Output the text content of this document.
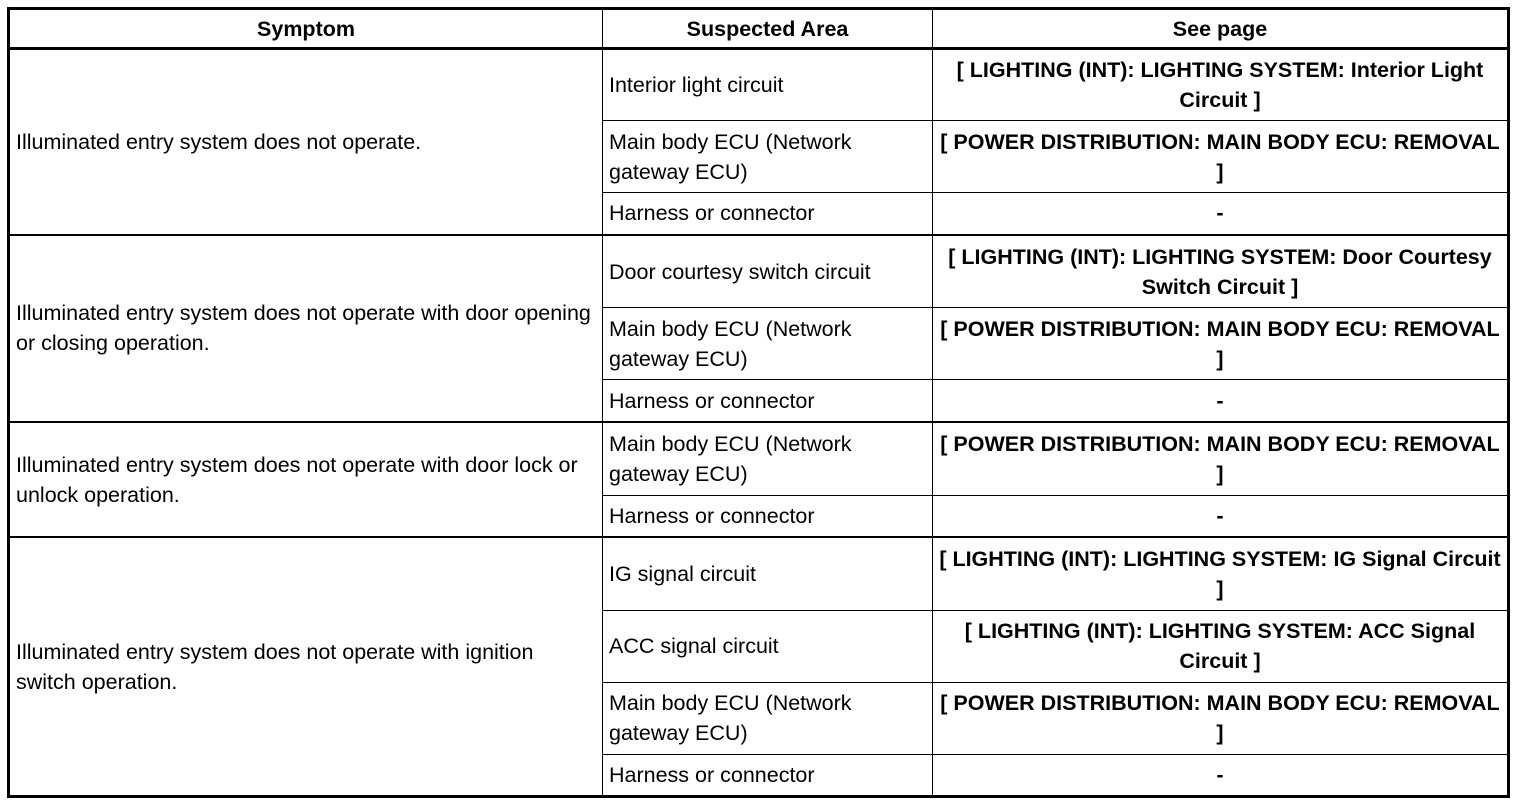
Symptom	Suspected Area	See page
Illuminated entry system does not operate.	Interior light circuit	[ LIGHTING (INT): LIGHTING SYSTEM: Interior Light Circuit ]
	Main body ECU (Network gateway ECU)	[ POWER DISTRIBUTION: MAIN BODY ECU: REMOVAL ]
	Harness or connector	-
Illuminated entry system does not operate with door opening or closing operation.	Door courtesy switch circuit	[ LIGHTING (INT): LIGHTING SYSTEM: Door Courtesy Switch Circuit ]
	Main body ECU (Network gateway ECU)	[ POWER DISTRIBUTION: MAIN BODY ECU: REMOVAL ]
	Harness or connector	-
Illuminated entry system does not operate with door lock or unlock operation.	Main body ECU (Network gateway ECU)	[ POWER DISTRIBUTION: MAIN BODY ECU: REMOVAL ]
	Harness or connector	-
Illuminated entry system does not operate with ignition switch operation.	IG signal circuit	[ LIGHTING (INT): LIGHTING SYSTEM: IG Signal Circuit ]
	ACC signal circuit	[ LIGHTING (INT): LIGHTING SYSTEM: ACC Signal Circuit ]
	Main body ECU (Network gateway ECU)	[ POWER DISTRIBUTION: MAIN BODY ECU: REMOVAL ]
	Harness or connector	-
